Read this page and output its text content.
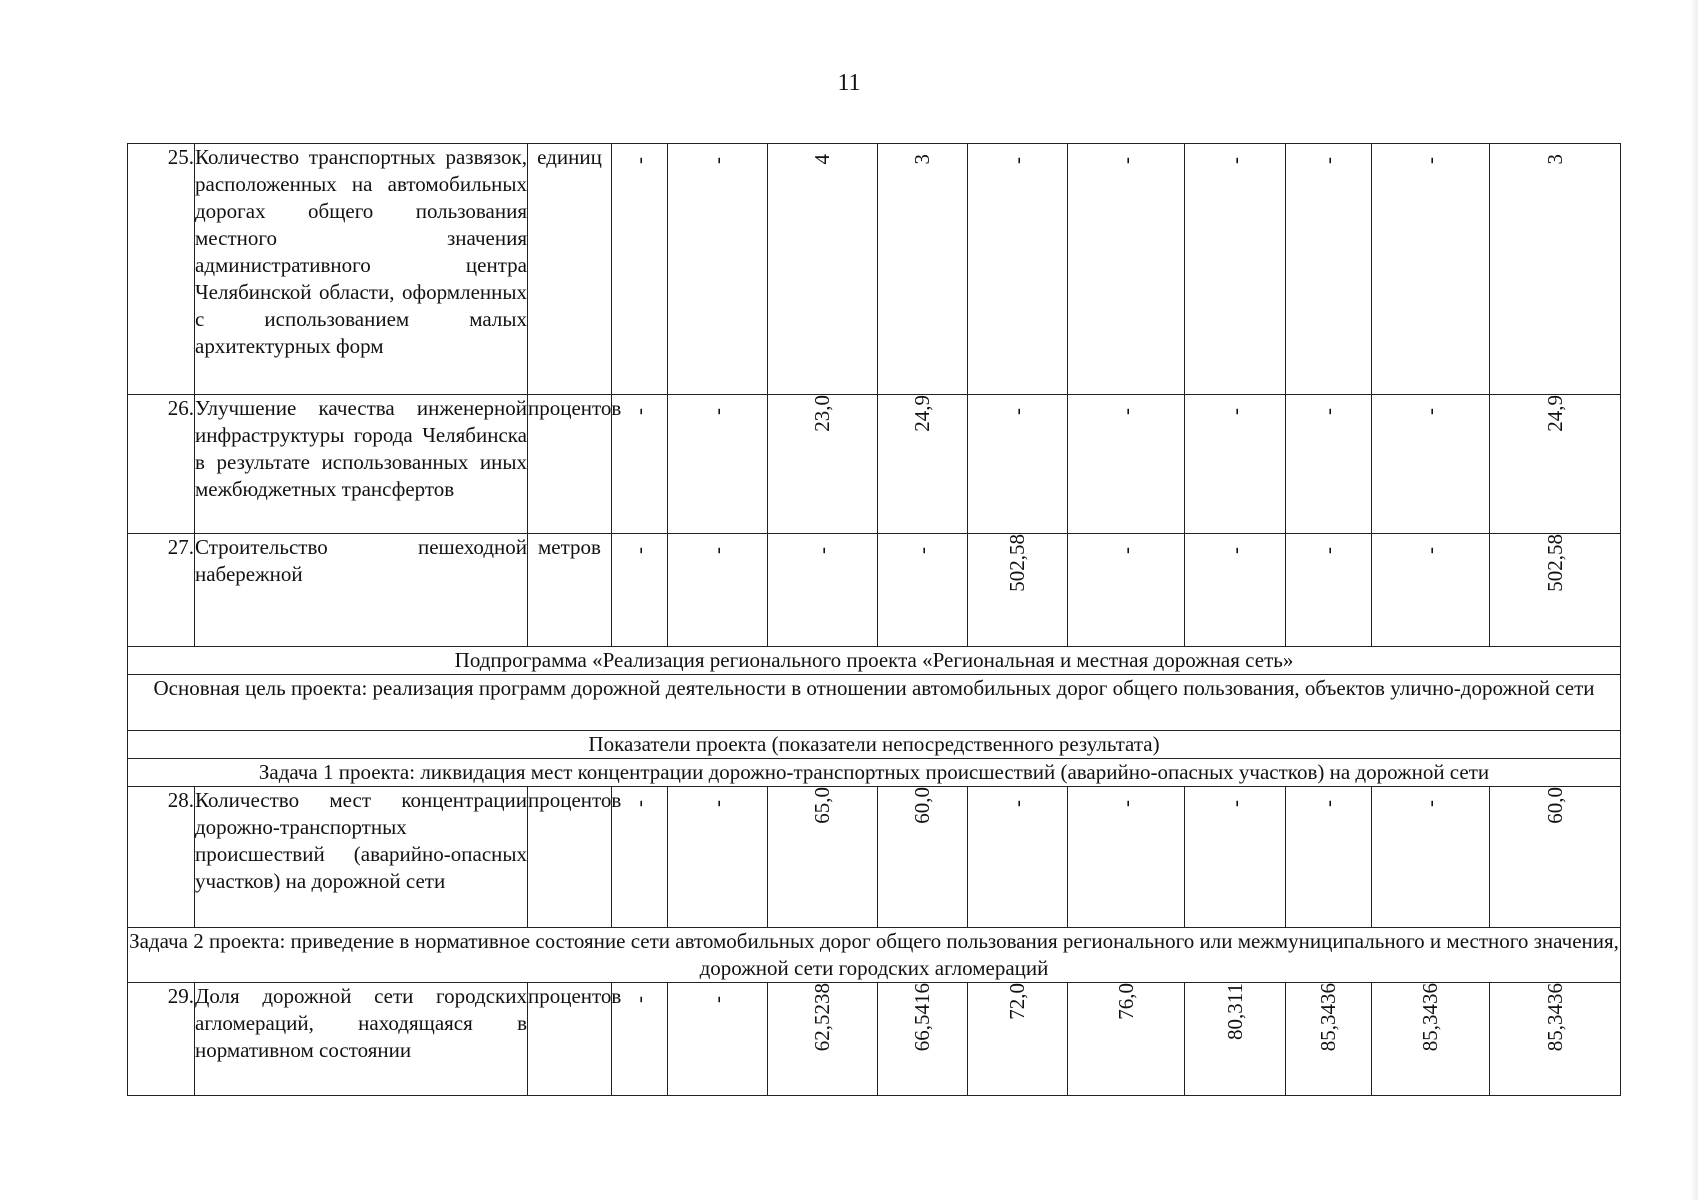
11
25.	Количество транспортных развязок, расположенных на автомобильных дорогах общего пользования местного значения административного центра Челябинской области, оформленных с использованием малых архитектурных форм	единиц	-	-	4	3	-	-	-	-	-	3
26.	Улучшение качества инженерной инфраструктуры города Челябинска в результате использованных иных межбюджетных трансфертов	процентов	-	-	23,0	24,9	-	-	-	-	-	24,9
27.	Строительство пешеходной набережной	метров	-	-	-	-	502,58	-	-	-	-	502,58
Подпрограмма «Реализация регионального проекта «Региональная и местная дорожная сеть»												
Основная цель проекта: реализация программ дорожной деятельности в отношении автомобильных дорог общего пользования, объектов улично-дорожной сети												
Показатели проекта (показатели непосредственного результата)												
Задача 1 проекта: ликвидация мест концентрации дорожно-транспортных происшествий (аварийно-опасных участков) на дорожной сети												
28.	Количество мест концентрации дорожно-транспортных происшествий (аварийно-опасных участков) на дорожной сети	процентов	-	-	65,0	60,0	-	-	-	-	-	60,0
Задача 2 проекта: приведение в нормативное состояние сети автомобильных дорог общего пользования регионального или межмуниципального и местного значения, дорожной сети городских агломераций												
29.	Доля дорожной сети городских агломераций, находящаяся в нормативном состоянии	процентов	-	-	62,5238	66,5416	72,0	76,0	80,311	85,3436	85,3436	85,3436
